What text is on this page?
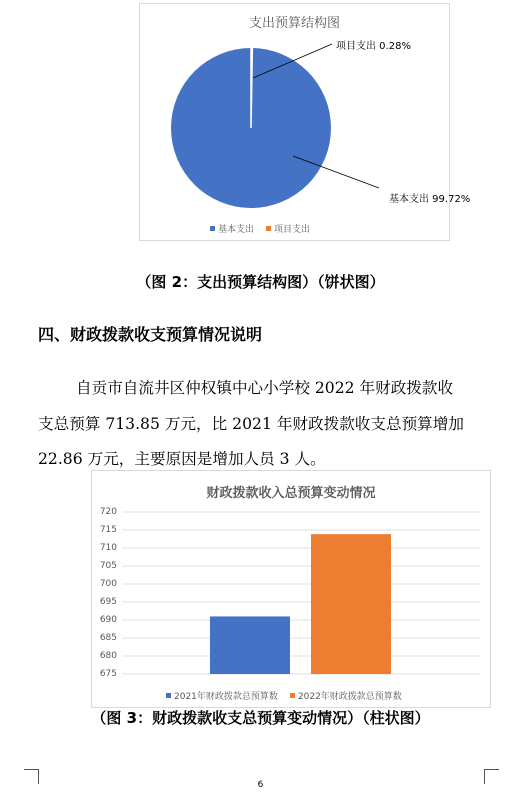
支出预算结构图
项目支出 0.28%
基本支出 99.72%
基本支出 项目支出
（图 2：支出预算结构图）（饼状图）
四、财政拨款收支预算情况说明
自贡市自流井区仲权镇中心小学校 2022 年财政拨款收
支总预算 713.85 万元，比 2021 年财政拨款收支总预算增加
22.86 万元，主要原因是增加人员 3 人。
财政拨款收入总预算变动情况
720
715
710
705
700
695
690
685
680
675
2021年财政拨款总预算数 2022年财政拨款总预算数
（图 3：财政拨款收支总预算变动情况）（柱状图）
6
